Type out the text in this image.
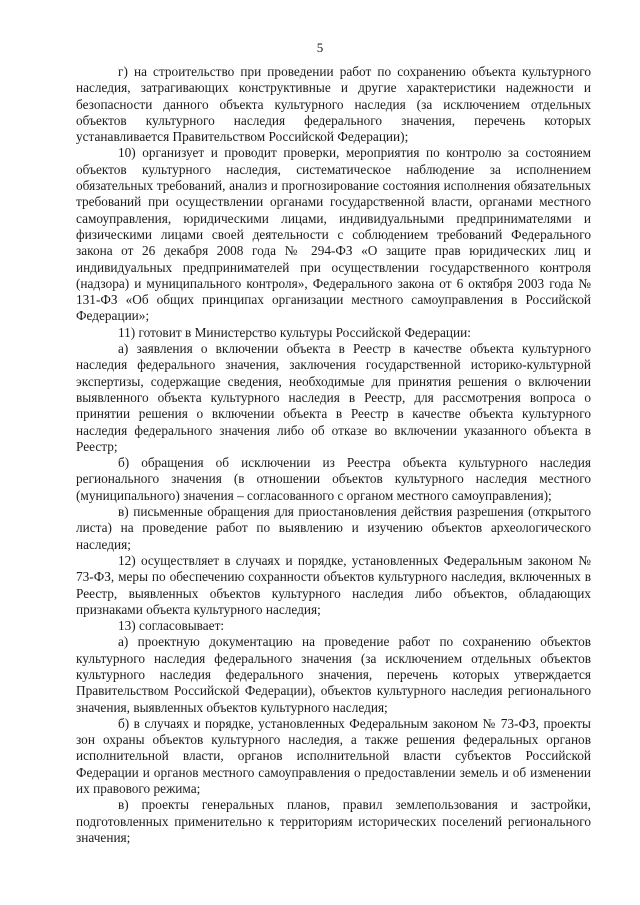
5

г) на строительство при проведении работ по сохранению объекта культурного наследия, затрагивающих конструктивные и другие характеристики надежности и безопасности данного объекта культурного наследия (за исключением отдельных объектов культурного наследия федерального значения, перечень которых устанавливается Правительством Российской Федерации);

10) организует и проводит проверки, мероприятия по контролю за состоянием объектов культурного наследия, систематическое наблюдение за исполнением обязательных требований, анализ и прогнозирование состояния исполнения обязательных требований при осуществлении органами государственной власти, органами местного самоуправления, юридическими лицами, индивидуальными предпринимателями и физическими лицами своей деятельности с соблюдением требований Федерального закона от 26 декабря 2008 года № 294-ФЗ «О защите прав юридических лиц и индивидуальных предпринимателей при осуществлении государственного контроля (надзора) и муниципального контроля», Федерального закона от 6 октября 2003 года № 131-ФЗ «Об общих принципах организации местного самоуправления в Российской Федерации»;

11) готовит в Министерство культуры Российской Федерации:

а) заявления о включении объекта в Реестр в качестве объекта культурного наследия федерального значения, заключения государственной историко-культурной экспертизы, содержащие сведения, необходимые для принятия решения о включении выявленного объекта культурного наследия в Реестр, для рассмотрения вопроса о принятии решения о включении объекта в Реестр в качестве объекта культурного наследия федерального значения либо об отказе во включении указанного объекта в Реестр;

б) обращения об исключении из Реестра объекта культурного наследия регионального значения (в отношении объектов культурного наследия местного (муниципального) значения – согласованного с органом местного самоуправления);

в) письменные обращения для приостановления действия разрешения (открытого листа) на проведение работ по выявлению и изучению объектов археологического наследия;

12) осуществляет в случаях и порядке, установленных Федеральным законом № 73-ФЗ, меры по обеспечению сохранности объектов культурного наследия, включенных в Реестр, выявленных объектов культурного наследия либо объектов, обладающих признаками объекта культурного наследия;

13) согласовывает:

а) проектную документацию на проведение работ по сохранению объектов культурного наследия федерального значения (за исключением отдельных объектов культурного наследия федерального значения, перечень которых утверждается Правительством Российской Федерации), объектов культурного наследия регионального значения, выявленных объектов культурного наследия;

б) в случаях и порядке, установленных Федеральным законом № 73-ФЗ, проекты зон охраны объектов культурного наследия, а также решения федеральных органов исполнительной власти, органов исполнительной власти субъектов Российской Федерации и органов местного самоуправления о предоставлении земель и об изменении их правового режима;

в) проекты генеральных планов, правил землепользования и застройки, подготовленных применительно к территориям исторических поселений регионального значения;
